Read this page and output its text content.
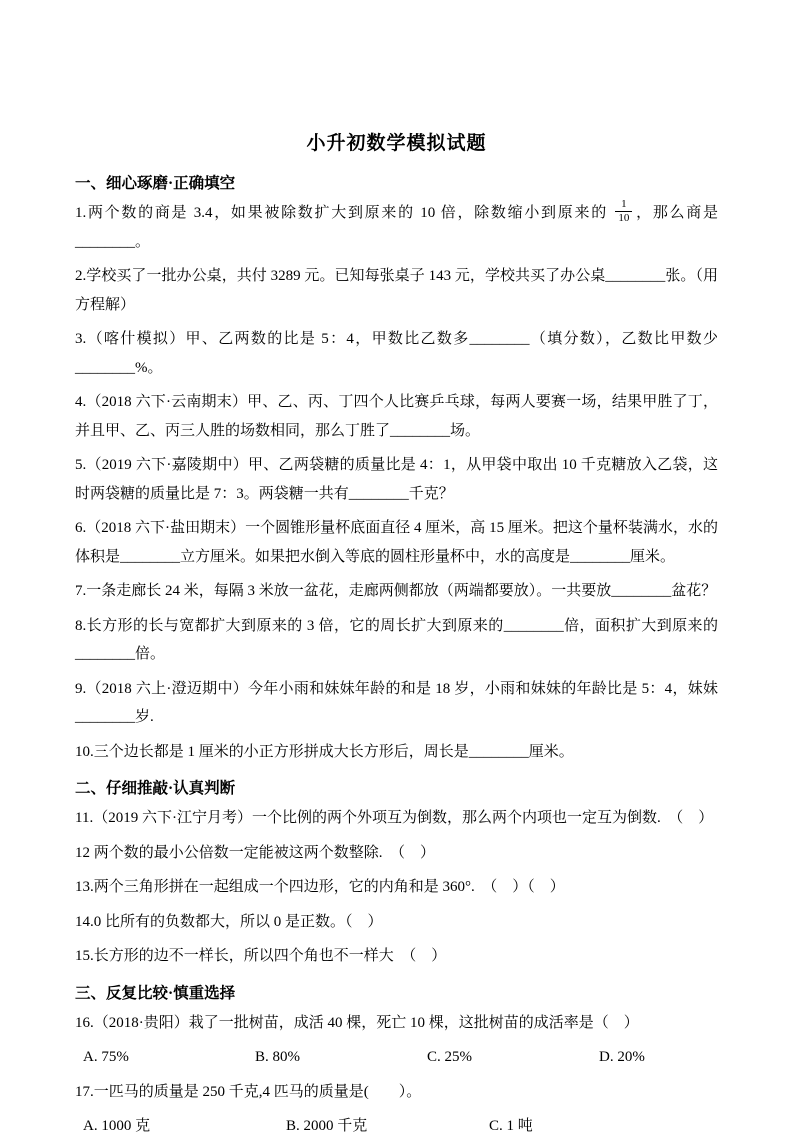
小升初数学模拟试题
一、细心琢磨·正确填空
1.两个数的商是 3.4，如果被除数扩大到原来的 10 倍，除数缩小到原来的 $\frac{1}{10}$ ，那么商是________。
2.学校买了一批办公桌，共付 3289 元。已知每张桌子 143 元，学校共买了办公桌________张。（用方程解）
3.（喀什模拟）甲、乙两数的比是 5：4，甲数比乙数多________（填分数），乙数比甲数少________%。
4.（2018 六下·云南期末）甲、乙、丙、丁四个人比赛乒乓球，每两人要赛一场，结果甲胜了丁，并且甲、乙、丙三人胜的场数相同，那么丁胜了________场。
5.（2019 六下·嘉陵期中）甲、乙两袋糖的质量比是 4：1，从甲袋中取出 10 千克糖放入乙袋，这时两袋糖的质量比是 7：3。两袋糖一共有________千克？
6.（2018 六下·盐田期末）一个圆锥形量杯底面直径 4 厘米，高 15 厘米。把这个量杯装满水，水的体积是________立方厘米。如果把水倒入等底的圆柱形量杯中，水的高度是________厘米。
7.一条走廊长 24 米，每隔 3 米放一盆花，走廊两侧都放（两端都要放）。一共要放________盆花？
8.长方形的长与宽都扩大到原来的 3 倍，它的周长扩大到原来的________倍，面积扩大到原来的________倍。
9.（2018 六上·澄迈期中）今年小雨和妹妹年龄的和是 18 岁，小雨和妹妹的年龄比是 5：4，妹妹________岁.
10.三个边长都是 1 厘米的小正方形拼成大长方形后，周长是________厘米。
二、仔细推敲·认真判断
11.（2019 六下·江宁月考）一个比例的两个外项互为倒数，那么两个内项也一定互为倒数.　（　）
12 两个数的最小公倍数一定能被这两个数整除.　（　）
13.两个三角形拼在一起组成一个四边形，它的内角和是 360°.　（　）（　）
14.0 比所有的负数都大，所以 0 是正数。（　）
15.长方形的边不一样长，所以四个角也不一样大　（　）
三、反复比较·慎重选择
16.（2018·贵阳）栽了一批树苗，成活 40 棵，死亡 10 棵，这批树苗的成活率是（　）
A. 75%	B. 80%	C. 25%	D. 20%
17.一匹马的质量是 250 千克,4 匹马的质量是(　　）。
A. 1000 克	B. 2000 千克	C. 1 吨
